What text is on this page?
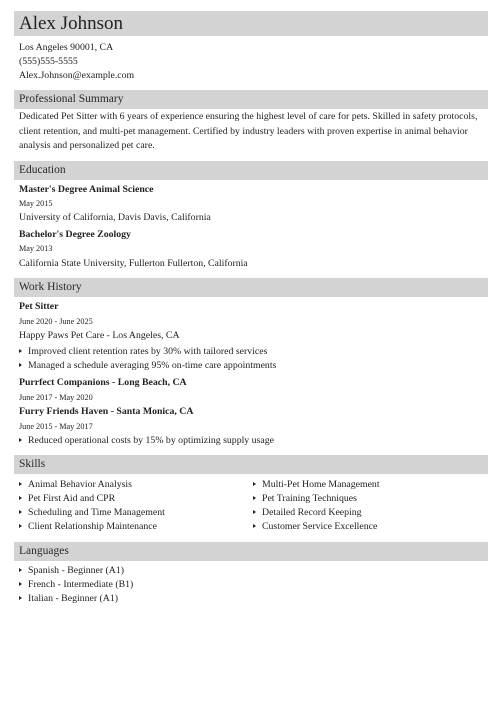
Alex Johnson
Los Angeles 90001, CA
(555)555-5555
Alex.Johnson@example.com
Professional Summary
Dedicated Pet Sitter with 6 years of experience ensuring the highest level of care for pets. Skilled in safety protocols,
client retention, and multi-pet management. Certified by industry leaders with proven expertise in animal behavior
analysis and personalized pet care.
Education
Master's Degree Animal Science
May 2015
University of California, Davis Davis, California
Bachelor's Degree Zoology
May 2013
California State University, Fullerton Fullerton, California
Work History
Pet Sitter
June 2020 - June 2025
Happy Paws Pet Care - Los Angeles, CA
Improved client retention rates by 30% with tailored services
Managed a schedule averaging 95% on-time care appointments
Purrfect Companions - Long Beach, CA
June 2017 - May 2020
Furry Friends Haven - Santa Monica, CA
June 2015 - May 2017
Reduced operational costs by 15% by optimizing supply usage
Skills
Animal Behavior Analysis
Pet First Aid and CPR
Scheduling and Time Management
Client Relationship Maintenance
Multi-Pet Home Management
Pet Training Techniques
Detailed Record Keeping
Customer Service Excellence
Languages
Spanish - Beginner (A1)
French - Intermediate (B1)
Italian - Beginner (A1)
